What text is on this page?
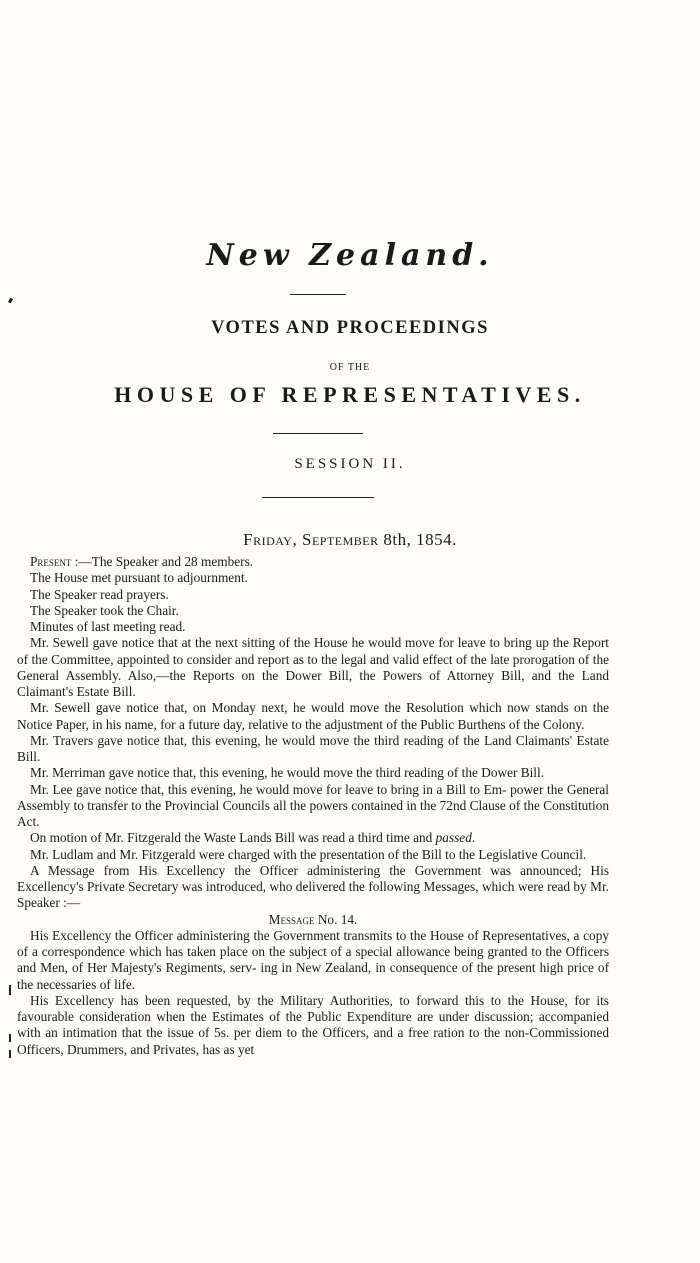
New Zealand.
VOTES AND PROCEEDINGS
OF THE
HOUSE OF REPRESENTATIVES.
SESSION II.
Friday, September 8th, 1854.

Present :—The Speaker and 28 members.

The House met pursuant to adjournment.

The Speaker read prayers.

The Speaker took the Chair.

Minutes of last meeting read.

Mr. Sewell gave notice that at the next sitting of the House he would move for leave to bring up the Report of the Committee, appointed to consider and report as to the legal and valid effect of the late prorogation of the General Assembly. Also,—the Reports on the Dower Bill, the Powers of Attorney Bill, and the Land Claimant's Estate Bill.

Mr. Sewell gave notice that, on Monday next, he would move the Resolution which now stands on the Notice Paper, in his name, for a future day, relative to the adjustment of the Public Burthens of the Colony.

Mr. Travers gave notice that, this evening, he would move the third reading of the Land Claimants' Estate Bill.

Mr. Merriman gave notice that, this evening, he would move the third reading of the Dower Bill.

Mr. Lee gave notice that, this evening, he would move for leave to bring in a Bill to Em- power the General Assembly to transfer to the Provincial Councils all the powers contained in the 72nd Clause of the Constitution Act.

On motion of Mr. Fitzgerald the Waste Lands Bill was read a third time and passed.

Mr. Ludlam and Mr. Fitzgerald were charged with the presentation of the Bill to the Legislative Council.

A Message from His Excellency the Officer administering the Government was announced; His Excellency's Private Secretary was introduced, who delivered the following Messages, which were read by Mr. Speaker :—

Message No. 14.

His Excellency the Officer administering the Government transmits to the House of Representatives, a copy of a correspondence which has taken place on the subject of a special allowance being granted to the Officers and Men, of Her Majesty's Regiments, serv- ing in New Zealand, in consequence of the present high price of the necessaries of life.

His Excellency has been requested, by the Military Authorities, to forward this to the House, for its favourable consideration when the Estimates of the Public Expenditure are under discussion; accompanied with an intimation that the issue of 5s. per diem to the Officers, and a free ration to the non-Commissioned Officers, Drummers, and Privates, has as yet
